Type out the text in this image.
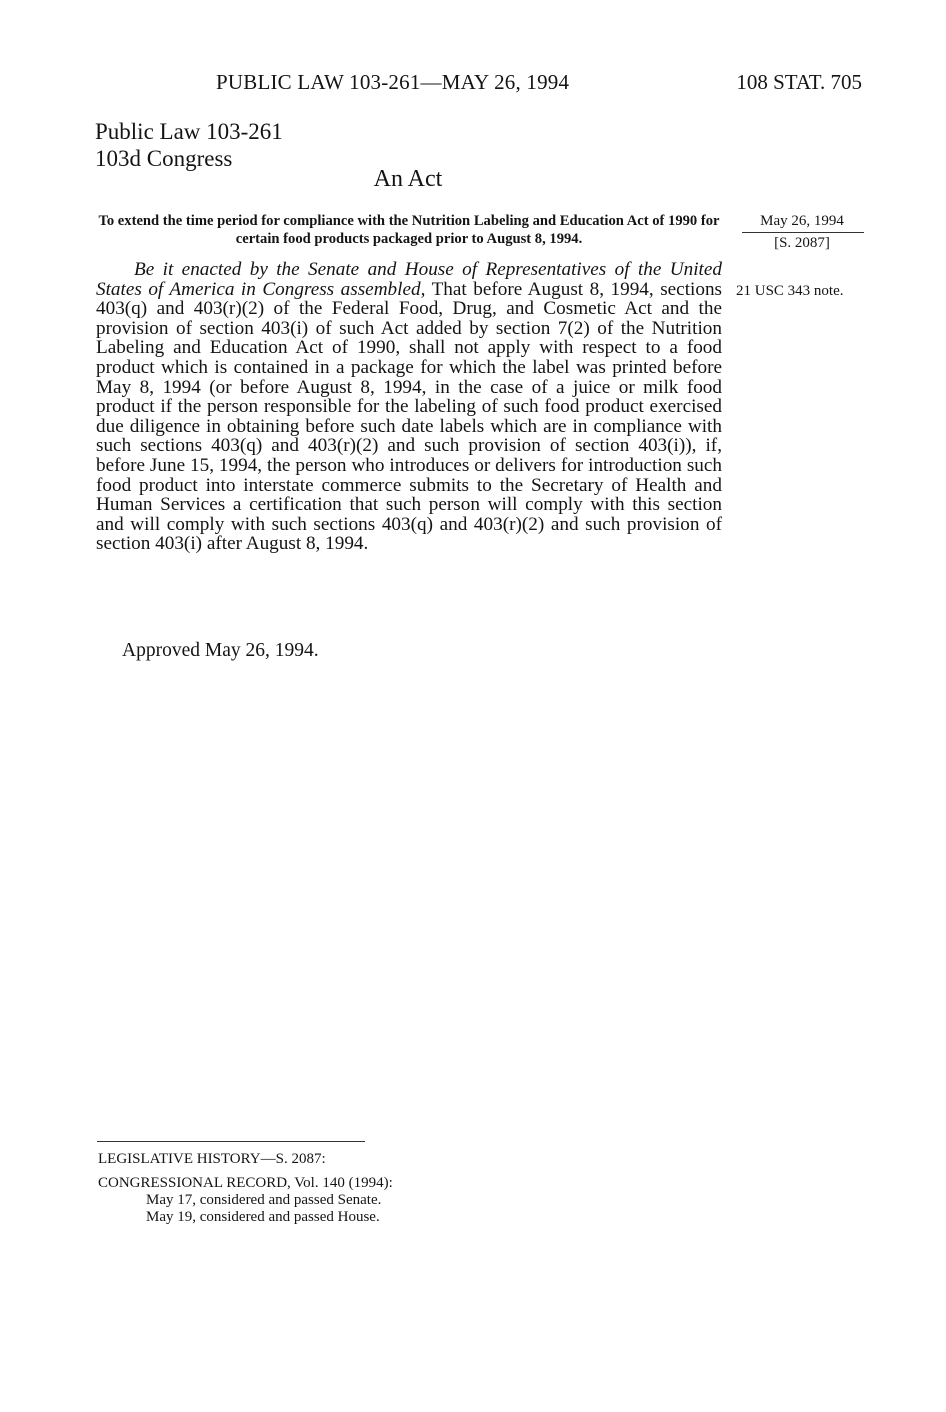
PUBLIC LAW 103-261—MAY 26, 1994	108 STAT. 705
Public Law 103-261
103d Congress
An Act
To extend the time period for compliance with the Nutrition Labeling and Education Act of 1990 for certain food products packaged prior to August 8, 1994.
May 26, 1994
[S. 2087]
21 USC 343 note.
Be it enacted by the Senate and House of Representatives of the United States of America in Congress assembled, That before August 8, 1994, sections 403(q) and 403(r)(2) of the Federal Food, Drug, and Cosmetic Act and the provision of section 403(i) of such Act added by section 7(2) of the Nutrition Labeling and Education Act of 1990, shall not apply with respect to a food product which is contained in a package for which the label was printed before May 8, 1994 (or before August 8, 1994, in the case of a juice or milk food product if the person responsible for the labeling of such food product exercised due diligence in obtaining before such date labels which are in compliance with such sections 403(q) and 403(r)(2) and such provision of section 403(i)), if, before June 15, 1994, the person who introduces or delivers for introduction such food product into interstate commerce submits to the Secretary of Health and Human Services a certification that such person will comply with this section and will comply with such sections 403(q) and 403(r)(2) and such provision of section 403(i) after August 8, 1994.
Approved May 26, 1994.
LEGISLATIVE HISTORY—S. 2087:
CONGRESSIONAL RECORD, Vol. 140 (1994):
May 17, considered and passed Senate.
May 19, considered and passed House.
